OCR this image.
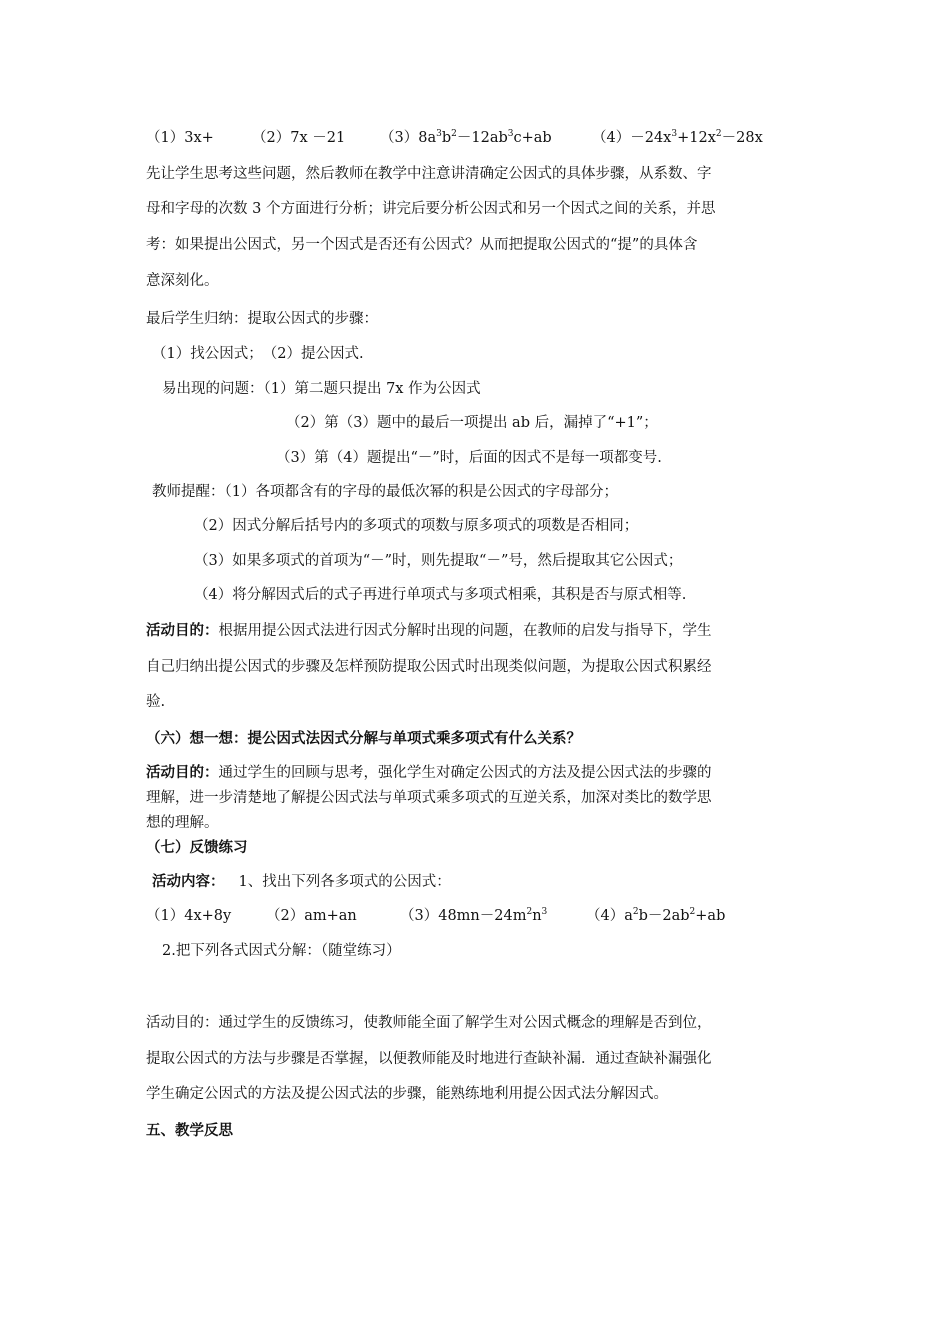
（1）3x+	（2）7x －21 $(3)8a^3b^2-12ab^3c+ab$	$(4)-24x^3+12x^2-28x$
先让学生思考这些问题，然后教师在教学中注意讲清确定公因式的具体步骤，从系数、字
母和字母的次数 3 个方面进行分析；讲完后要分析公因式和另一个因式之间的关系，并思
考：如果提出公因式，另一个因式是否还有公因式？从而把提取公因式的“提”的具体含
意深刻化。
最后学生归纳：提取公因式的步骤：
（1）找公因式；　（2）提公因式.
易出现的问题：（1）第二题只提出 7x 作为公因式
（2）第（3）题中的最后一项提出 ab 后，漏掉了“+1”；
（3）第（4）题提出“－”时，后面的因式不是每一项都变号.
教师提醒：（1）各项都含有的字母的最低次幂的积是公因式的字母部分；
（2）因式分解后括号内的多项式的项数与原多项式的项数是否相同；
（3）如果多项式的首项为“－”时，则先提取“－”号，然后提取其它公因式；
（4）将分解因式后的式子再进行单项式与多项式相乘，其积是否与原式相等.
活动目的：根据用提公因式法进行因式分解时出现的问题，在教师的启发与指导下，学生
自己归纳出提公因式的步骤及怎样预防提取公因式时出现类似问题，为提取公因式积累经
验.
（六）想一想：提公因式法因式分解与单项式乘多项式有什么关系？
活动目的：通过学生的回顾与思考，强化学生对确定公因式的方法及提公因式法的步骤的
理解，进一步清楚地了解提公因式法与单项式乘多项式的互逆关系，加深对类比的数学思
想的理解。
（七）反馈练习
活动内容： 1、找出下列各多项式的公因式：
（1）4x+8y （2）am+an	$(3)48mn-24m^2n^3$	$(4)a^2b-2ab^2+ab$
2.把下列各式因式分解：（随堂练习）
活动目的：通过学生的反馈练习，使教师能全面了解学生对公因式概念的理解是否到位，
提取公因式的方法与步骤是否掌握，以便教师能及时地进行查缺补漏．通过查缺补漏强化
学生确定公因式的方法及提公因式法的步骤，能熟练地利用提公因式法分解因式。
五、教学反思
